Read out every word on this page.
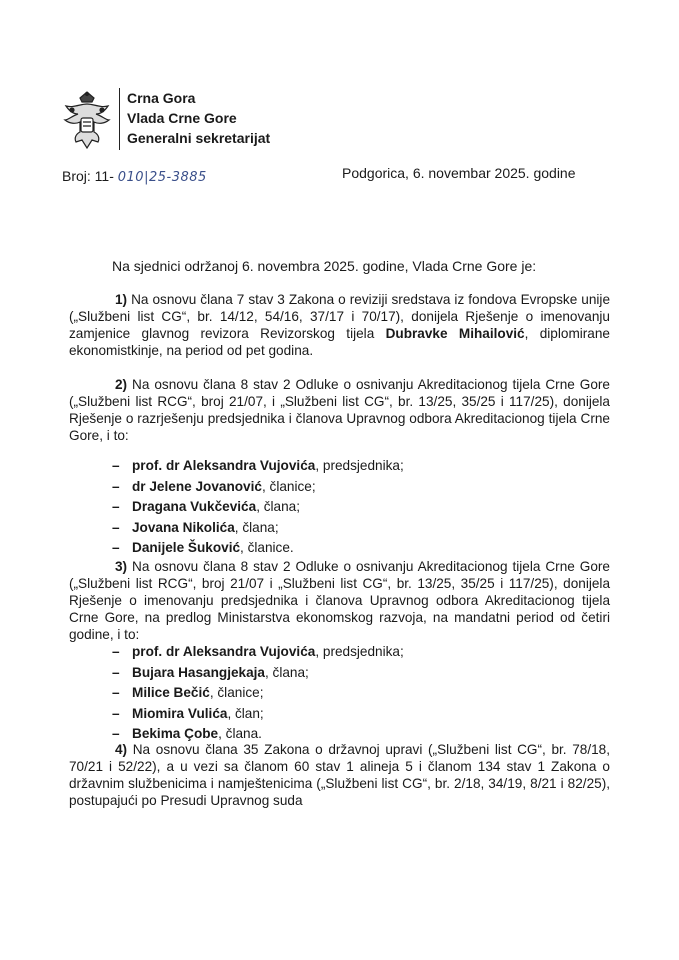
Crna Gora
Vlada Crne Gore
Generalni sekretarijat
Broj: 11- 010|25-3885	Podgorica, 6. novembar 2025. godine
Na sjednici održanoj 6. novembra 2025. godine, Vlada Crne Gore je:
1) Na osnovu člana 7 stav 3 Zakona o reviziji sredstava iz fondova Evropske unije („Službeni list CG“, br. 14/12, 54/16, 37/17 i 70/17), donijela Rješenje o imenovanju zamjenice glavnog revizora Revizorskog tijela Dubravke Mihailović, diplomirane ekonomistkinje, na period od pet godina.
2) Na osnovu člana 8 stav 2 Odluke o osnivanju Akreditacionog tijela Crne Gore („Službeni list RCG“, broj 21/07, i „Službeni list CG“, br. 13/25, 35/25 i 117/25), donijela Rješenje o razrješenju predsjednika i članova Upravnog odbora Akreditacionog tijela Crne Gore, i to:
– prof. dr Aleksandra Vujovića, predsjednika;
– dr Jelene Jovanović, članice;
– Dragana Vukčevića, člana;
– Jovana Nikolića, člana;
– Danijele Šuković, članice.
3) Na osnovu člana 8 stav 2 Odluke o osnivanju Akreditacionog tijela Crne Gore („Službeni list RCG“, broj 21/07 i „Službeni list CG“, br. 13/25, 35/25 i 117/25), donijela Rješenje o imenovanju predsjednika i članova Upravnog odbora Akreditacionog tijela Crne Gore, na predlog Ministarstva ekonomskog razvoja, na mandatni period od četiri godine, i to:
– prof. dr Aleksandra Vujovića, predsjednika;
– Bujara Hasangjekaja, člana;
– Milice Bečić, članice;
– Miomira Vulića, član;
– Bekima Çobe, člana.
4) Na osnovu člana 35 Zakona o državnoj upravi („Službeni list CG“, br. 78/18, 70/21 i 52/22), a u vezi sa članom 60 stav 1 alineja 5 i članom 134 stav 1 Zakona o državnim službenicima i namještenicima („Službeni list CG“, br. 2/18, 34/19, 8/21 i 82/25), postupajući po Presudi Upravnog suda
